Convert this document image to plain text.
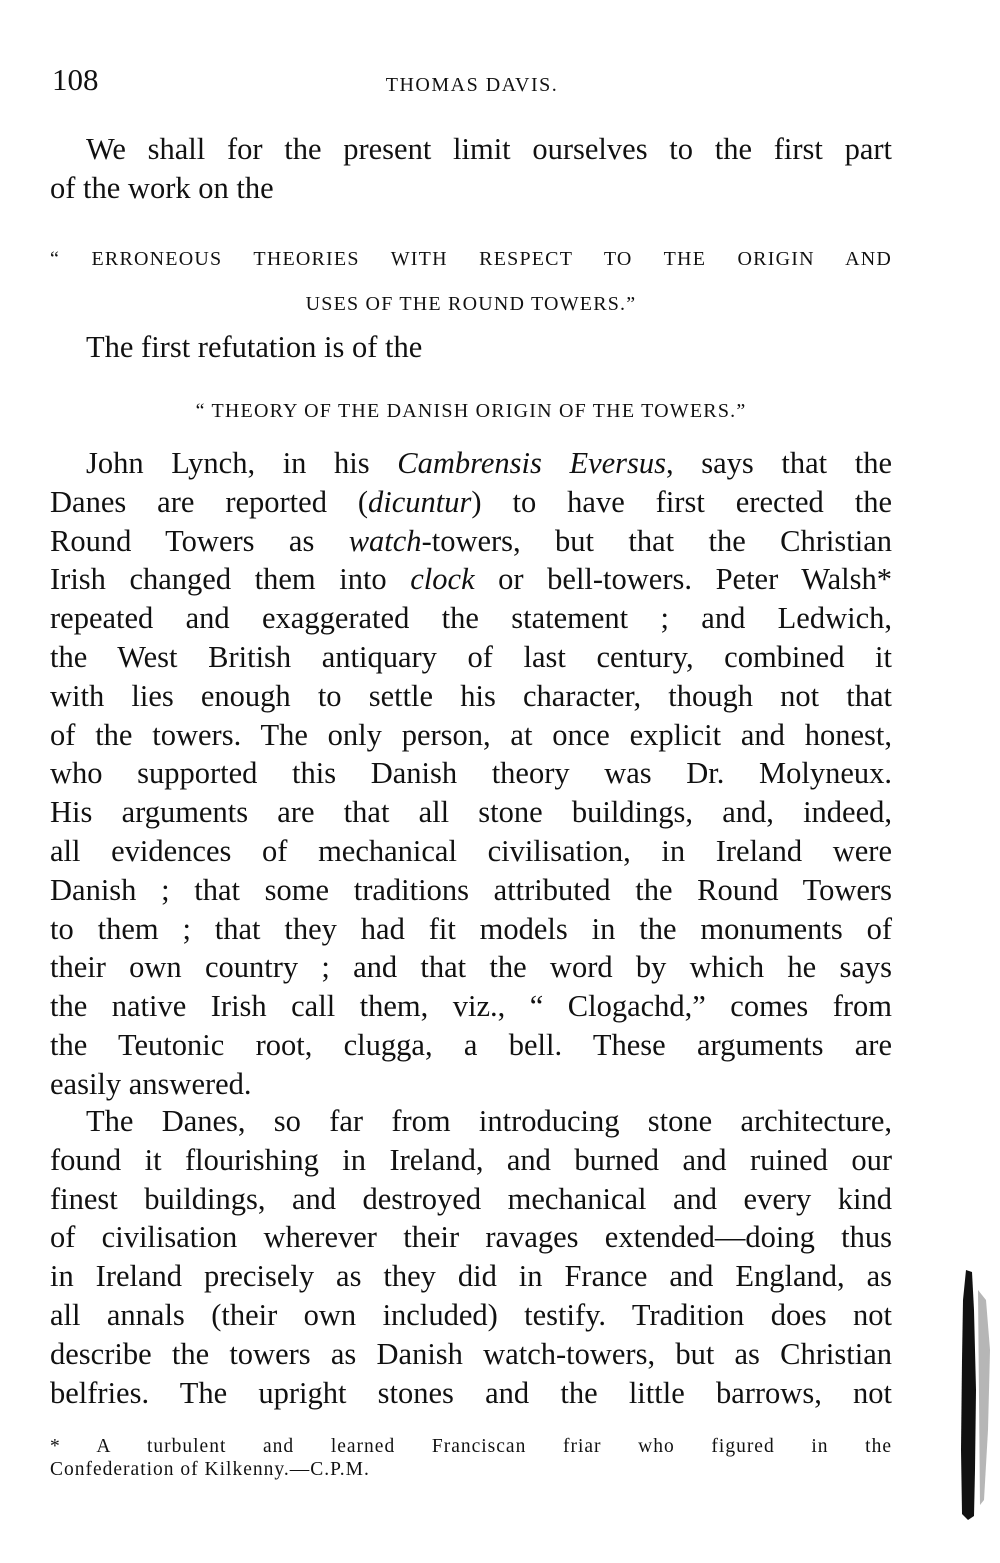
108	THOMAS DAVIS.

We shall for the present limit ourselves to the first part
of the work on the

“ ERRONEOUS THEORIES WITH RESPECT TO THE ORIGIN AND
USES OF THE ROUND TOWERS.”

The first refutation is of the

“ THEORY OF THE DANISH ORIGIN OF THE TOWERS.”

John Lynch, in his Cambrensis Eversus, says that the
Danes are reported (dicuntur) to have first erected the
Round Towers as watch-towers, but that the Christian
Irish changed them into clock or bell-towers. Peter Walsh*
repeated and exaggerated the statement ; and Ledwich,
the West British antiquary of last century, combined it
with lies enough to settle his character, though not that
of the towers. The only person, at once explicit and honest,
who supported this Danish theory was Dr. Molyneux.
His arguments are that all stone buildings, and, indeed,
all evidences of mechanical civilisation, in Ireland were
Danish ; that some traditions attributed the Round Towers
to them ; that they had fit models in the monuments of
their own country ; and that the word by which he says
the native Irish call them, viz., “ Clogachd,” comes from
the Teutonic root, clugga, a bell. These arguments are
easily answered.

The Danes, so far from introducing stone architecture,
found it flourishing in Ireland, and burned and ruined our
finest buildings, and destroyed mechanical and every kind
of civilisation wherever their ravages extended—doing thus
in Ireland precisely as they did in France and England, as
all annals (their own included) testify. Tradition does not
describe the towers as Danish watch-towers, but as Christian
belfries. The upright stones and the little barrows, not

* A turbulent and learned Franciscan friar who figured in the
Confederation of Kilkenny.—C.P.M.
